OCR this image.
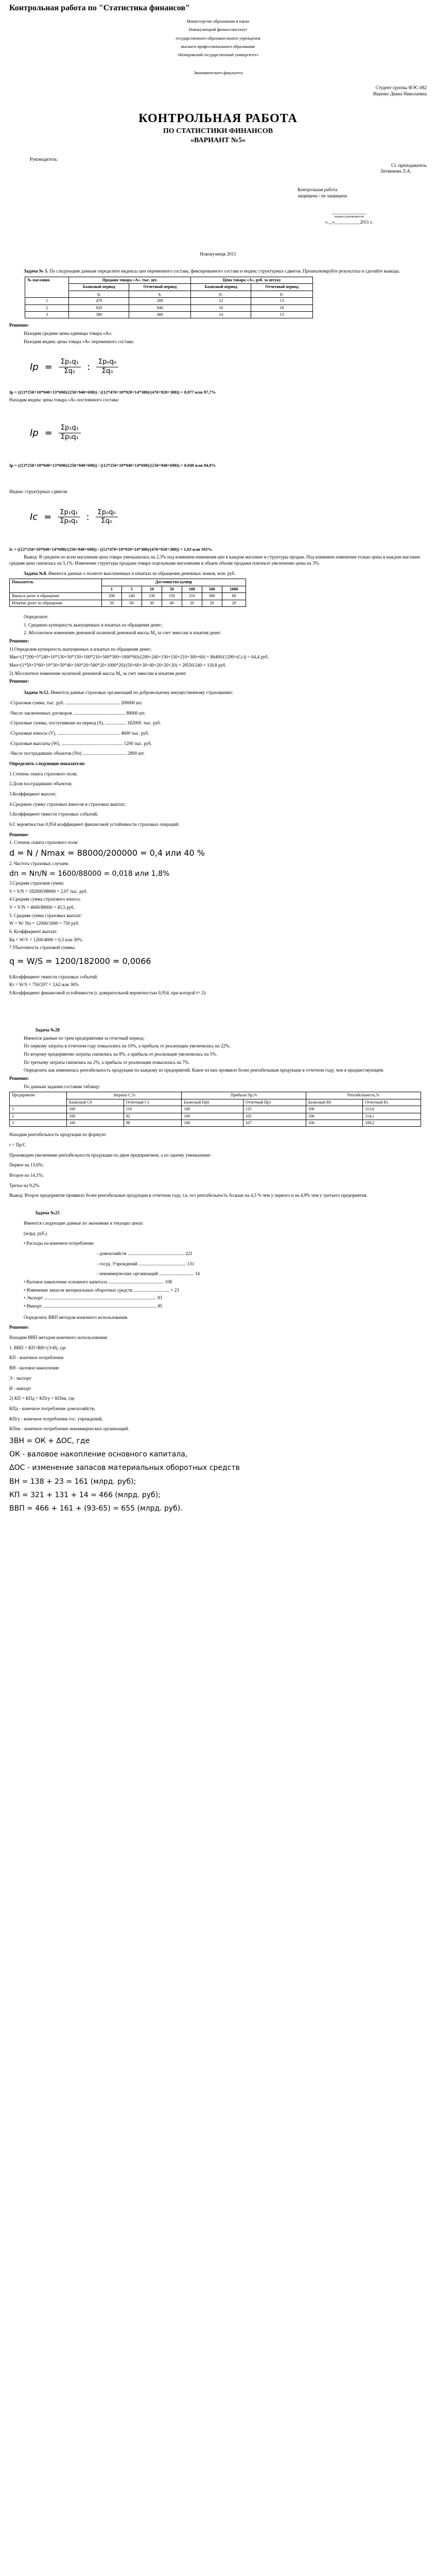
Контрольная работа по "Статистика финансов"
Министерство образования и науки
Новокузнецкий филиал-институт
государственного образовательного учреждения
высшего профессионального образования
«Кемеровский государственный университет»
Экономического факультета
Студент группы ФЭС-082
Ищенко Диана Николаевна
КОНТРОЛЬНАЯ РАБОТА
ПО СТАТИСТИКИ ФИНАНСОВ
«ВАРИАНТ №5»
Руководитель:
Ст. преподаватель
Литвинова Л.А.
Контрольная работа
защищена / не защищена
_______________
подпись руководителя
«__»___________2011 г.
Новокузнецк 2011

Задача № 5. По следующим данным определите индексы цен переменного состава, фиксированного состава и индекс структурных сдвигов. Проанализируйте результаты и сделайте выводы.

№ магазина	Продано товара «А», тыс. шт.		Цена товара «А», руб. за штуку	
	Базисный период	Отчетный период	Базисный период	Отчетный период
	q₀	q₁	p₀	p₁
1	470	200	12	13
2	920	940	10	10
3	380	480	14	13

Решение:

Находим средние цены единицы товара «А»:

Находим индекс цены товара «А» переменного состава:

$Ip = \frac{\text{Σp₁q₁}}{\text{Σq₁}}$ : $\frac{\text{Σp₀q₀}}{\text{Σq₀}}$

Ip = ((13*250+10*940+13*690)/(250+940+690)) / ((12*470+10*920+14*380)/(470+920+380)) = 0,977 или 97,7%

Находим индекс цены товара «А» постоянного состава:

$Ip = \frac{\text{Σp₁q₁}}{\text{Σp₀q₁}}$

Ip = ((13*250+10*940+13*690)/(250+940+690)) / ((12*250+10*940+14*690)/(250+940+690)) = 0,949 или 94,9%

Индекс структурных сдвигов:

Iс = $\frac{\text{Σp₁q₁}}{\text{Σp₀q₁}}$ : $\frac{\text{Σp₀q₀}}{\text{Σq₀}}$

Iс = ((12*250+10*940+14*690)/(250+940+690)) / ((12*470+10*920+14*380)/(470+920+380)) = 1,03 или 103%.

Вывод: В среднем по всем магазинам цена товара уменьшилась на 2,3% под влиянием изменения цен в каждом магазине и структуры продаж. Под влиянием изменения только цены в каждом магазине средняя цена снизилась на 5,1%. Изменение структуры продажи товара отдельными магазинами в общем объеме продажи повлекло увеличение цены на 3%.

Задача №8. Имеются данные о полноте выплаченных и изъятых из обращения денежных знаков, млн. руб.

Показатель	Достоинство купюр						
	1	5	10	50	100	500	1000
Выпуск денег в обращение	200	240	130	150	210	300	60
Изъятие денег из обращения	50	60	30	40	20	20	20

Определите:

1. Среднюю купюрность выпущенных и изъятых из обращения денег;

2. Абсолютное изменение денежной наличной денежной массы М₀ за счет эмиссии и изъятия денег.

Решение:

1) Определим купюрность выпущенных и изъятых из обращения денег;

Мвп=(1*200+5*240+10*130+50*150+100*210+500*300+1000*60)/(200+240+130+150+210+300+60) = 86400/(1290=(Сс)) = 64,4 руб.

Миз=(1*50+5*60+10*30+50*40+100*20+500*20+1000*20)/(50+60+30+40+20+20+20) = 28550/240 = 118,8 руб.

2) Абсолютное изменение наличной денежной массы М₀ за счет эмиссии и изъятия денег.

Решение:

Задача №12. Имеются данные страховых организаций по добровольному имущественному страхованию:

-Страховая сумма, тыс. руб. ............................................... 200000 шт.

-Число заключенных договоров ............................................. 88000 шт.

-Страховые суммы, поступившие на период (S), .................. 182000. тыс. руб.

-Страховые взносы (V), ...................................................... 4600 тыс. руб.

-Страховые выплаты (W), ..................................................... 1200 тыс. руб.

-Число пострадавших объектов (Nп) ...................................... 2800 шт.

Определить следующие показатели:

1.Степень охвата страхового поля;

2.Доля пострадавших объектов;

3.Коэффициент выплат;

4.Среднюю сумму страховых взносов и страховых выплат;

5.Коэффициент тяжести страховых событий;

6.С вероятностью 0,954 коэффициент финансовой устойчивости страховых операций.

Решение:

1. Степень охвата страхового поля:

d = N / Nmax = 88000/200000 = 0,4 или 40 %

2. Частота страховых случаев:

dп = Nп/N = 1600/88000 = 0,018 или 1,8%

3.Средняя страховая сумма:

S = S/N = 182000/88000 = 2,07 тыс. руб.

4.Средняя сумма страхового взноса:

V = V/N = 4600/88000 = 45,5 руб.

5. Средняя сумма страховых выплат:

W = W/ Nп = 12000/1600 = 750 руб.

6. Коэффициент выплат:

Кв = W/V = 1200/4600 = 0,3 или 30%.

7.Убыточность страховой суммы:

q = W/S = 1200/182000 = 0,0066

8.Коэффициент тяжести страховых событий:

Кт = W/S = 750/207 = 3,62 или 36%

9.Коэффициент финансовой устойчивости (с доверительной вероятностью 0,954, при которой t= 2):

Задача №20

Имеются данные по трем предприятиям за отчетный период:

По первому затраты в отчетном году повысились на 10%, а прибыль от реализации увеличилась на 22%.

По второму предприятию затраты снизились на 8%, а прибыль от реализации увеличилась на 5%.

По третьему затраты снизились на 2%, а прибыль от реализации повысилась на 7%.

Определить как изменилась рентабельность продукции по каждому из предприятий. Какое из них проявило более рентабельным продукции в отчетном году, чем в предшествующем.

Решение:

По данным задания составим таблицу:

Предприятие	Затраты С,%		Прибыль Пр,%		Рентабельность,%	
	Базисный С0	Отчетный С1	Базисный Пр0	Отчетный Пр1	Базисный R0	Отчетный R1
1	100	110	100	125	100	113,6
2	100	92	100	105	100	114,1
3	100	98	100	107	100	109,2

Находим рентабельность продукции по формуле:

r = Пр/С

Производим увеличение рентабельности продукции по двум предприятием, а по одному уменьшение:

Первое на 13,6%;

Второе на 14,1%;

Третье на 9,2%.

Вывод: Второе предприятие проявило более рентабельные продукции в отчетном году, т.к. его рентабельность больше на 4,5 % чем у первого и на 4,9% чем у третьего предприятия.

Задача №25

Имеются следующие данные по экономике в текущих ценах

(млрд. руб.)

• Расходы на конечное потребление

- домохозяйств ................................................. 221

- госуд. Учреждений ......................................... 131

- некоммерческих организаций .............................. 14

• Валовое накопление основного капитала ................................................ 108

• Изменение запасов материальных оборотных средств ............................... + 23

• Экспорт ................................................................................................. 93

• Импорт .................................................................................................. 85

Определить ВВП методом конечного использования.

Решение:

Находим ВВП методом конечного использования:

1. ВВП = КП+ВН+(Э-И), где

КП - конечное потребление

ВН - валовое накопление

Э - экспорт

И - импорт

2) КП = КПд + КПгу + КПнк, где

КПд - конечное потребление домохозяйств,

КПгу - конечное потребление гос. учреждений,

КПнк - конечное потребление некоммерческих организаций.

3ВН = ОК + ΔОС, где

ОК - валовое накопление основного капитала,

ΔОС - изменение запасов материальных оборотных средств

ВН = 138 + 23 = 161 (млрд. руб);

КП = 321 + 131 + 14 = 466 (млрд. руб);

ВВП = 466 + 161 + (93-65) = 655 (млрд. руб).
